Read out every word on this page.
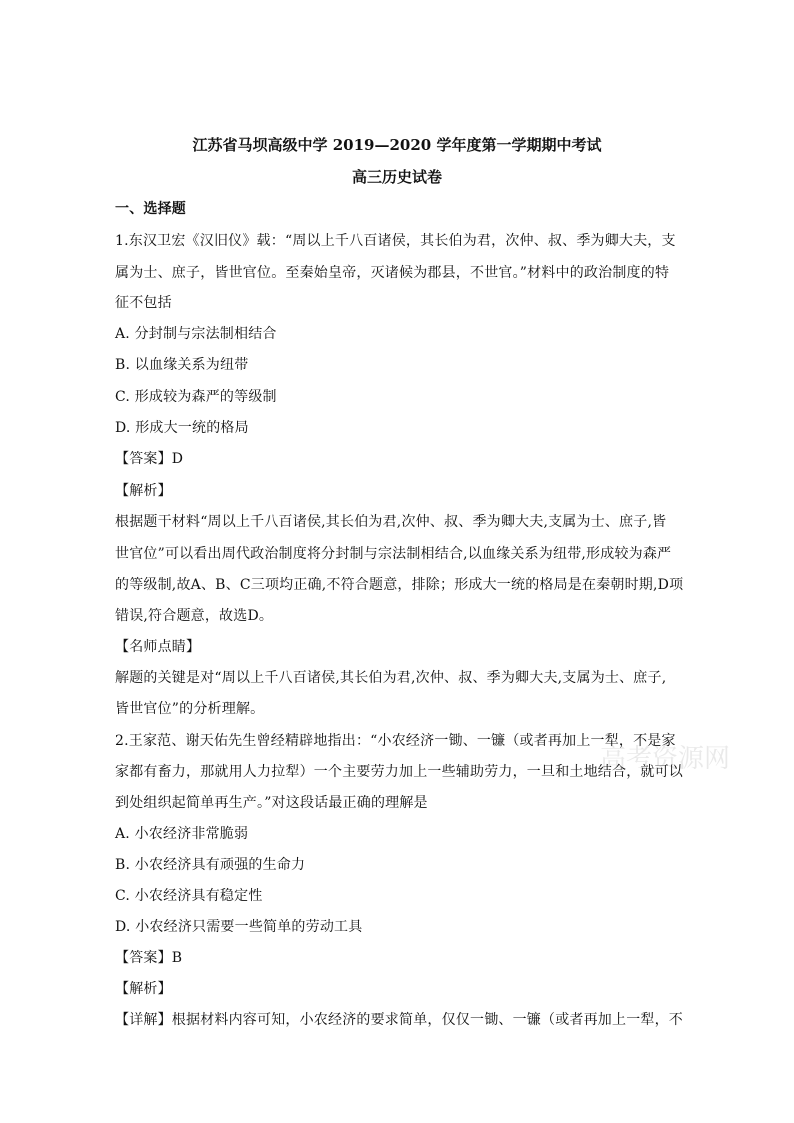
高考资源网
江苏省马坝高级中学 2019—2020 学年度第一学期期中考试
高三历史试卷
一、选择题
1.东汉卫宏《汉旧仪》载：“周以上千八百诸侯，其长伯为君，次仲、叔、季为卿大夫，支
属为士、庶子，皆世官位。至秦始皇帝，灭诸候为郡县，不世官。”材料中的政治制度的特
征不包括
A. 分封制与宗法制相结合
B. 以血缘关系为纽带
C. 形成较为森严的等级制
D. 形成大一统的格局
【答案】D
【解析】
根据题干材料“周以上千八百诸侯,其长伯为君,次仲、叔、季为卿大夫,支属为士、庶子,皆
世官位”可以看出周代政治制度将分封制与宗法制相结合,以血缘关系为纽带,形成较为森严
的等级制,故A、B、C三项均正确,不符合题意，排除；形成大一统的格局是在秦朝时期,D项
错误,符合题意，故选D。
【名师点睛】
解题的关键是对“周以上千八百诸侯,其长伯为君,次仲、叔、季为卿大夫,支属为士、庶子,
皆世官位”的分析理解。
2.王家范、谢天佑先生曾经精辟地指出：“小农经济一锄、一镰（或者再加上一犁，不是家
家都有畜力，那就用人力拉犁）一个主要劳力加上一些辅助劳力，一旦和土地结合，就可以
到处组织起简单再生产。”对这段话最正确的理解是
A. 小农经济非常脆弱
B. 小农经济具有顽强的生命力
C. 小农经济具有稳定性
D. 小农经济只需要一些简单的劳动工具
【答案】B
【解析】
【详解】根据材料内容可知，小农经济的要求简单，仅仅一锄、一镰（或者再加上一犁，不
